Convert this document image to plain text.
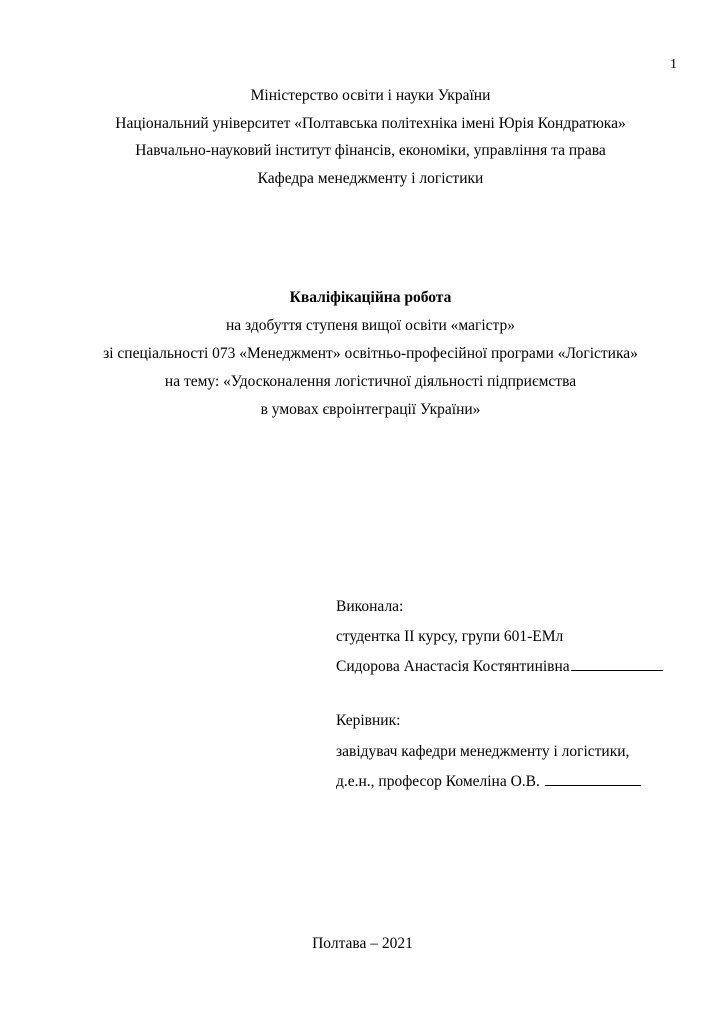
1
Міністерство освіти і науки України
Національний університет «Полтавська політехніка імені Юрія Кондратюка»
Навчально-науковий інститут фінансів, економіки, управління та права
Кафедра менеджменту і логістики
Кваліфікаційна робота
на здобуття ступеня вищої освіти «магістр»
зі спеціальності 073 «Менеджмент» освітньо-професійної програми «Логістика»
на тему: «Удосконалення логістичної діяльності підприємства
в умовах євроінтеграції України»
Виконала:
студентка ІІ курсу, групи 601-ЕМл
Сидорова Анастасія Костянтинівна
Керівник:
завідувач кафедри менеджменту і логістики,
д.е.н., професор Комеліна О.В.
Полтава – 2021
